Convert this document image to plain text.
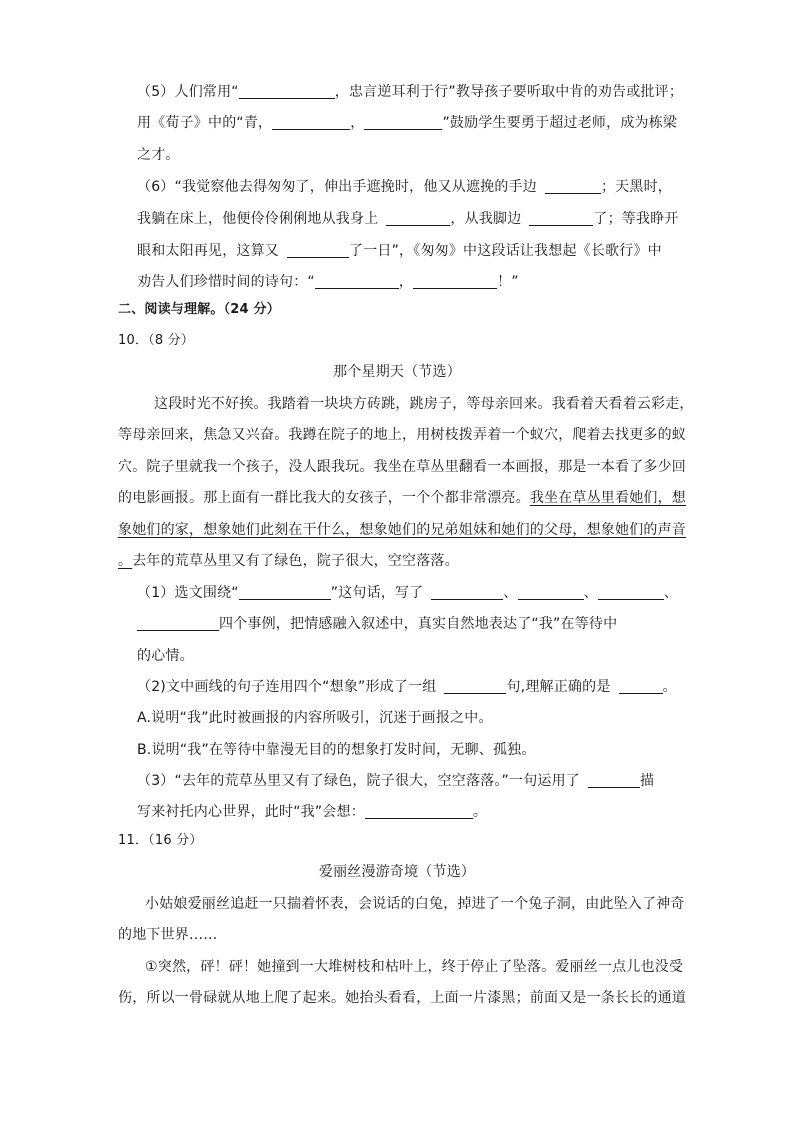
（5）人们常用“	，忠言逆耳利于行”教导孩子要听取中肯的劝告或批评；
用《荀子》中的“青，	，	”鼓励学生要勇于超过老师，成为栋梁
之才。
（6）“我觉察他去得匆匆了，伸出手遮挽时，他又从遮挽的手边	；天黑时，
我躺在床上，他便伶伶俐俐地从我身上	，从我脚边	了；等我睁开
眼和太阳再见，这算又	了一日”，《匆匆》中这段话让我想起《长歌行》中
劝告人们珍惜时间的诗句：“	，	！”
二、阅读与理解。（24 分）
10．（8 分）
那个星期天（节选）
这段时光不好挨。我踏着一块块方砖跳，跳房子，等母亲回来。我看着天看着云彩走，
等母亲回来，焦急又兴奋。我蹲在院子的地上，用树枝拨弄着一个蚁穴，爬着去找更多的蚁
穴。院子里就我一个孩子，没人跟我玩。我坐在草丛里翻看一本画报，那是一本看了多少回
的电影画报。那上面有一群比我大的女孩子，一个个都非常漂亮。我坐在草丛里看她们，想
象她们的家，想象她们此刻在干什么，想象她们的兄弟姐妹和她们的父母，想象她们的声音
。去年的荒草丛里又有了绿色，院子很大，空空落落。
（1）选文围绕“	”这句话，写了	、	、	、
四个事例，把情感融入叙述中，真实自然地表达了“我”在等待中
的心情。
（2)文中画线的句子连用四个“想象”形成了一组	句,理解正确的是	。
A.说明“我”此时被画报的内容所吸引，沉迷于画报之中。
B.说明“我”在等待中靠漫无目的的想象打发时间，无聊、孤独。
（3）“去年的荒草丛里又有了绿色，院子很大，空空落落。”一句运用了	描
写来衬托内心世界，此时“我”会想：	。
11．（16 分）
爱丽丝漫游奇境（节选）
小姑娘爱丽丝追赶一只揣着怀表，会说话的白兔，掉进了一个兔子洞，由此坠入了神奇
的地下世界……
①突然，砰！砰！她撞到一大堆树枝和枯叶上，终于停止了坠落。爱丽丝一点儿也没受
伤，所以一骨碌就从地上爬了起来。她抬头看看，上面一片漆黑；前面又是一条长长的通道
